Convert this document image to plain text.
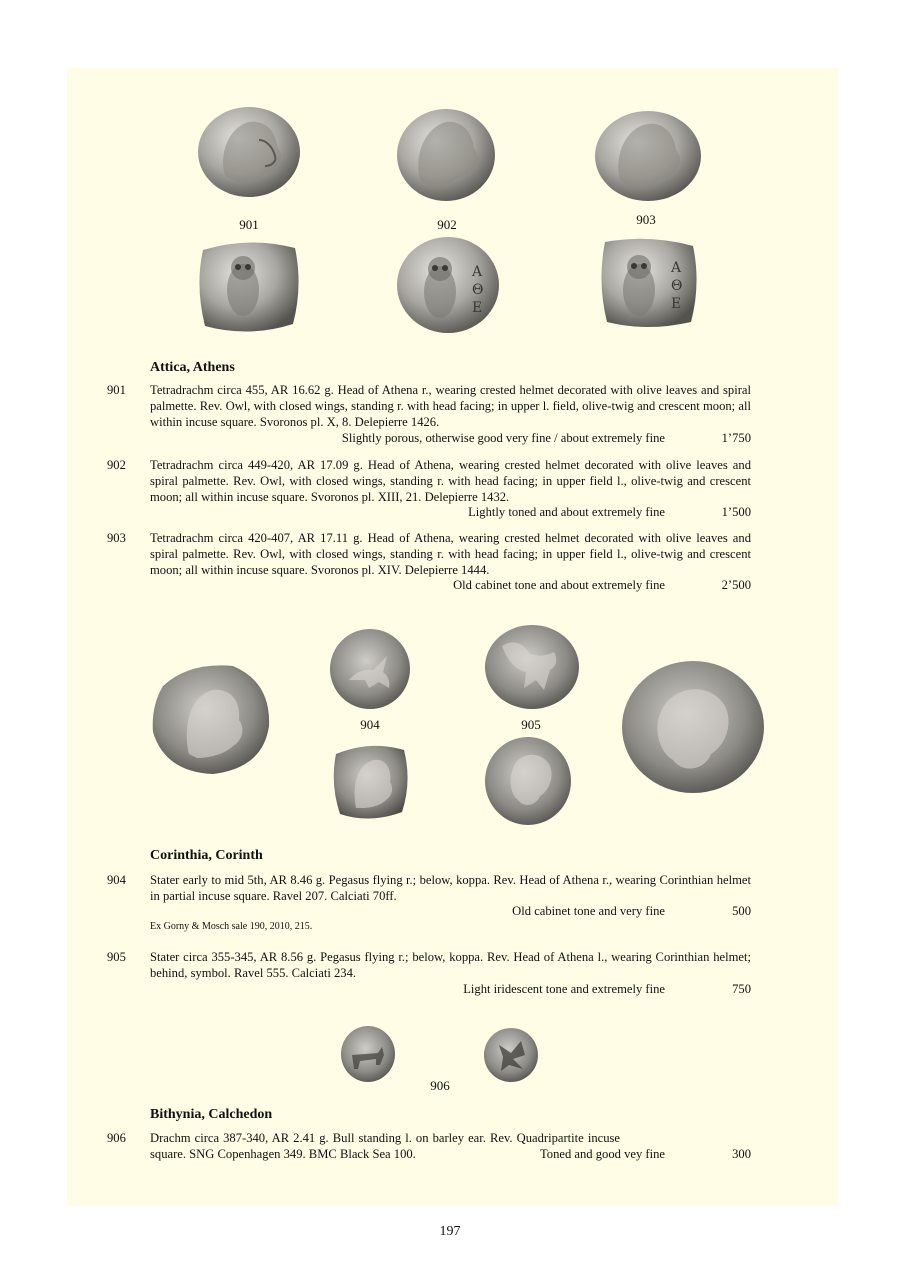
Α
Θ
Ε
Α
Θ
Ε
901	902	903
Attica, Athens
901 Tetradrachm circa 455, AR 16.62 g. Head of Athena r., wearing crested helmet decorated with olive leaves and spiral palmette. Rev. Owl, with closed wings, standing r. with head facing; in upper l. field, olive-twig and crescent moon; all within incuse square. Svoronos pl. X, 8. Delepierre 1426.
Slightly porous, otherwise good very fine / about extremely fine	1’750
902 Tetradrachm circa 449-420, AR 17.09 g. Head of Athena, wearing crested helmet decorated with olive leaves and spiral palmette. Rev. Owl, with closed wings, standing r. with head facing; in upper field l., olive-twig and crescent moon; all within incuse square. Svoronos pl. XIII, 21. Delepierre 1432.
Lightly toned and about extremely fine	1’500
903 Tetradrachm circa 420-407, AR 17.11 g. Head of Athena, wearing crested helmet decorated with olive leaves and spiral palmette. Rev. Owl, with closed wings, standing r. with head facing; in upper field l., olive-twig and crescent moon; all within incuse square. Svoronos pl. XIV. Delepierre 1444.
Old cabinet tone and about extremely fine	2’500
904	905
Corinthia, Corinth
904 Stater early to mid 5th, AR 8.46 g. Pegasus flying r.; below, koppa. Rev. Head of Athena r., wearing Corinthian helmet in partial incuse square. Ravel 207. Calciati 70ff.
Old cabinet tone and very fine	500
Ex Gorny & Mosch sale 190, 2010, 215.
905 Stater circa 355-345, AR 8.56 g. Pegasus flying r.; below, koppa. Rev. Head of Athena l., wearing Corinthian helmet; behind, symbol. Ravel 555. Calciati 234.
Light iridescent tone and extremely fine	750
906
Bithynia, Calchedon
906 Drachm circa 387-340, AR 2.41 g. Bull standing l. on barley ear. Rev. Quadripartite incuse square. SNG Copenhagen 349. BMC Black Sea 100.	Toned and good vey fine	300
197
